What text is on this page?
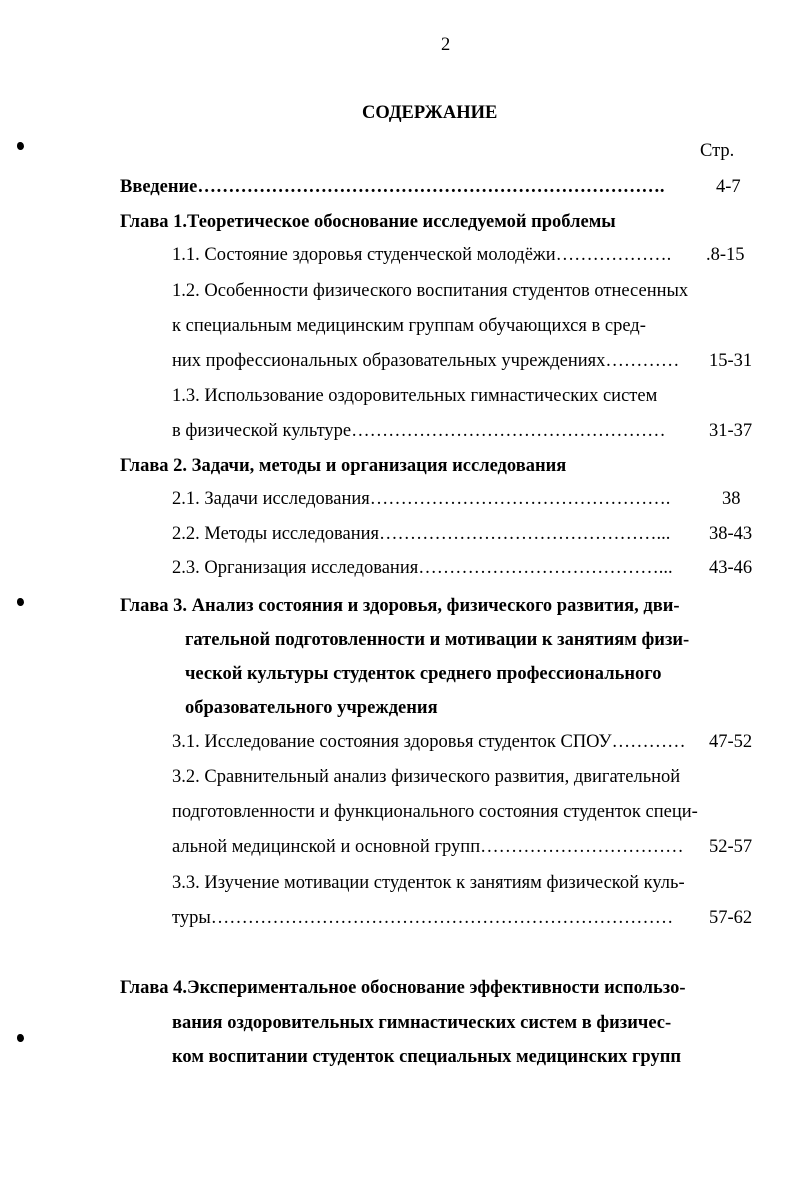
2
СОДЕРЖАНИЕ
Стр.
Введение………………………………………………………………….	4-7
Глава 1.Теоретическое обоснование исследуемой проблемы
1.1. Состояние здоровья студенческой молодёжи………………. .8-15
1.2. Особенности физического воспитания студентов отнесенных
к специальным медицинским группам обучающихся в сред-
них профессиональных образовательных учреждениях………… 15-31
1.3. Использование оздоровительных гимнастических систем
в физической культуре…………………………………………… 31-37
Глава 2. Задачи, методы и организация исследования
2.1. Задачи исследования………………………………………….	38
2.2. Методы исследования………………………………………... 38-43
2.3. Организация исследования…………………………………... 43-46
Глава 3. Анализ состояния и здоровья, физического развития, дви-
гательной подготовленности и мотивации к занятиям физи-
ческой культуры студенток среднего профессионального
образовательного учреждения
3.1. Исследование состояния здоровья студенток СПОУ………… 47-52
3.2. Сравнительный анализ физического развития, двигательной
подготовленности и функционального состояния студенток специ-
альной медицинской и основной групп…………………………… 52-57
3.3. Изучение мотивации студенток к занятиям физической куль-
туры………………………………………………………………… 57-62
Глава 4.Экспериментальное обоснование эффективности использо-
вания оздоровительных гимнастических систем в физичес-
ком воспитании студенток специальных медицинских групп
